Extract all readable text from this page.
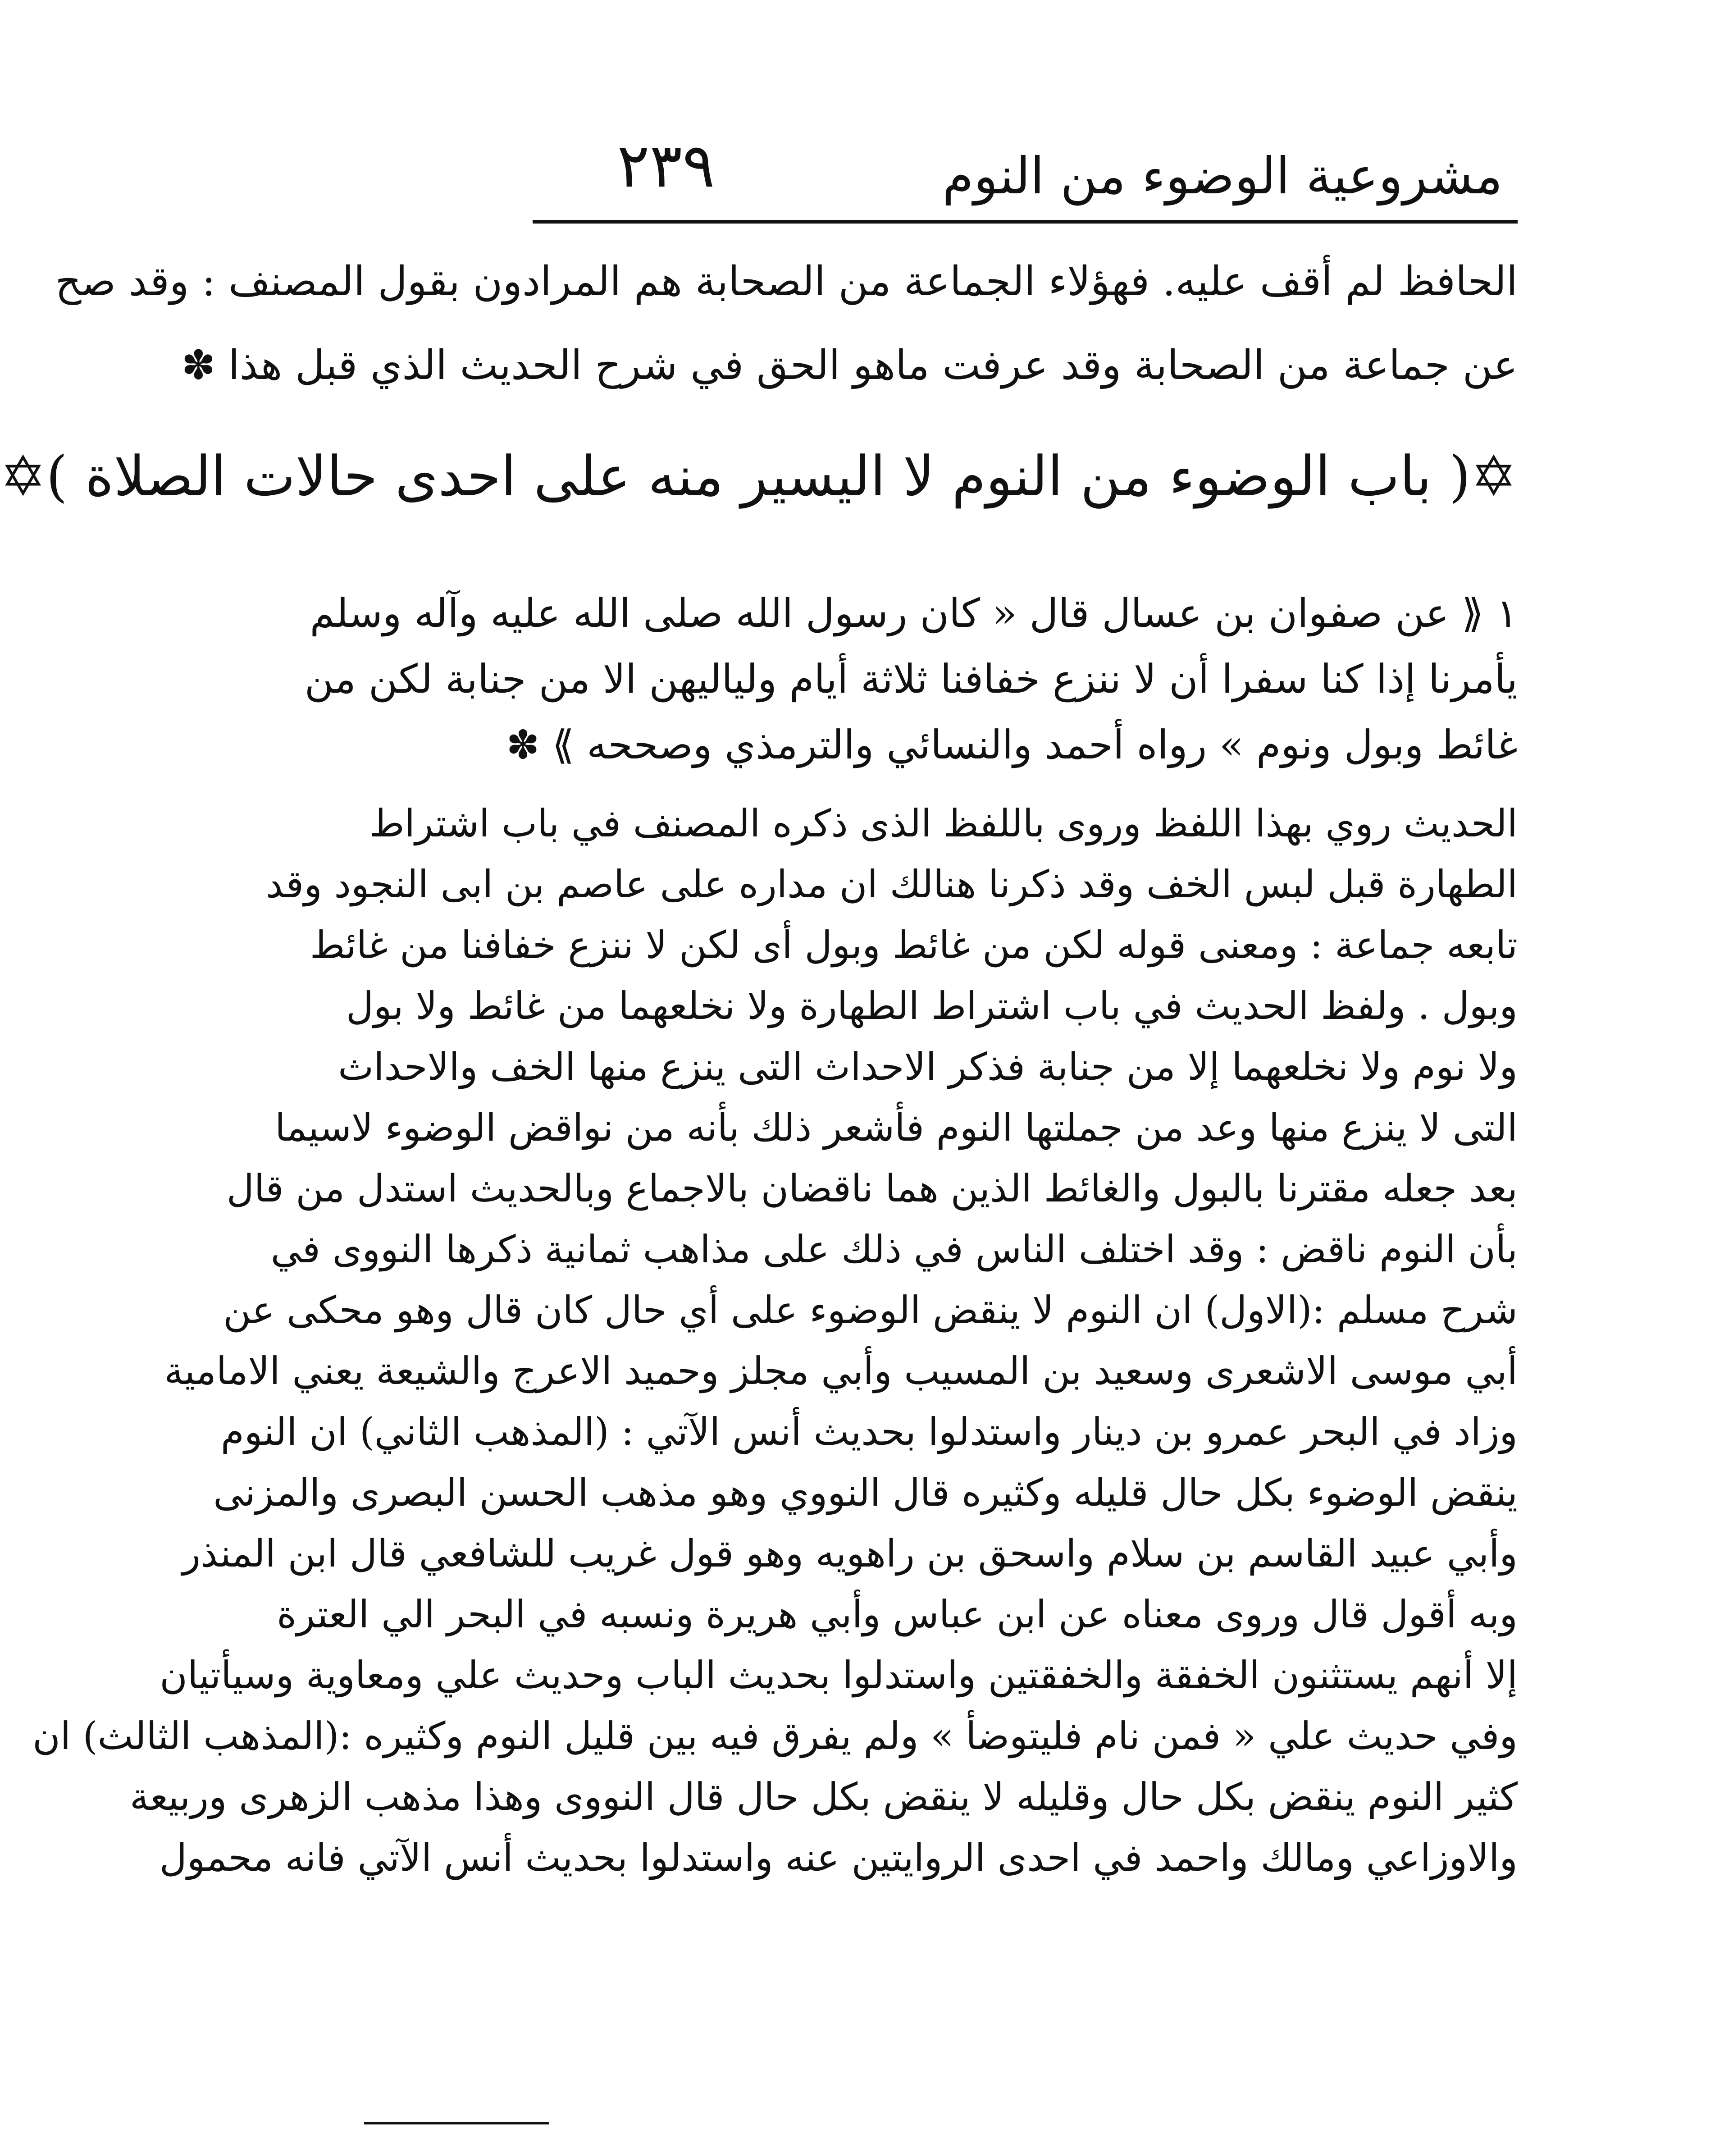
٢٣٩	مشروعية الوضوء من النوم

الحافظ لم أقف عليه. فهؤلاء الجماعة من الصحابة هم المرادون بقول المصنف : وقد صح
عن جماعة من الصحابة وقد عرفت ماهو الحق في شرح الحديث الذي قبل هذا ✽

✡( باب الوضوء من النوم لا اليسير منه على احدى حالات الصلاة )✡

١ ⟪ عن صفوان بن عسال قال « كان رسول الله صلى الله عليه وآله وسلم
يأمرنا إذا كنا سفرا أن لا ننزع خفافنا ثلاثة أيام ولياليهن الا من جنابة لكن من
غائط وبول ونوم » رواه أحمد والنسائي والترمذي وصححه ⟫ ✽

الحديث روي بهذا اللفظ وروى باللفظ الذى ذكره المصنف في باب اشتراط
الطهارة قبل لبس الخف وقد ذكرنا هنالك ان مداره على عاصم بن ابى النجود وقد
تابعه جماعة : ومعنى قوله لكن من غائط وبول أى لكن لا ننزع خفافنا من غائط
وبول . ولفظ الحديث في باب اشتراط الطهارة ولا نخلعهما من غائط ولا بول
ولا نوم ولا نخلعهما إلا من جنابة فذكر الاحداث التى ينزع منها الخف والاحداث
التى لا ينزع منها وعد من جملتها النوم فأشعر ذلك بأنه من نواقض الوضوء لاسيما
بعد جعله مقترنا بالبول والغائط الذين هما ناقضان بالاجماع وبالحديث استدل من قال
بأن النوم ناقض : وقد اختلف الناس في ذلك على مذاهب ثمانية ذكرها النووى في
شرح مسلم :(الاول) ان النوم لا ينقض الوضوء على أي حال كان قال وهو محكى عن
أبي موسى الاشعرى وسعيد بن المسيب وأبي مجلز وحميد الاعرج والشيعة يعني الامامية
وزاد في البحر عمرو بن دينار واستدلوا بحديث أنس الآتي : (المذهب الثاني) ان النوم
ينقض الوضوء بكل حال قليله وكثيره قال النووي وهو مذهب الحسن البصرى والمزنى
وأبي عبيد القاسم بن سلام واسحق بن راهويه وهو قول غريب للشافعي قال ابن المنذر
وبه أقول قال وروى معناه عن ابن عباس وأبي هريرة ونسبه في البحر الي العترة
إلا أنهم يستثنون الخفقة والخفقتين واستدلوا بحديث الباب وحديث علي ومعاوية وسيأتيان
وفي حديث علي « فمن نام فليتوضأ » ولم يفرق فيه بين قليل النوم وكثيره :(المذهب الثالث) ان
كثير النوم ينقض بكل حال وقليله لا ينقض بكل حال قال النووى وهذا مذهب الزهرى وربيعة
والاوزاعي ومالك واحمد في احدى الروايتين عنه واستدلوا بحديث أنس الآتي فانه محمول
